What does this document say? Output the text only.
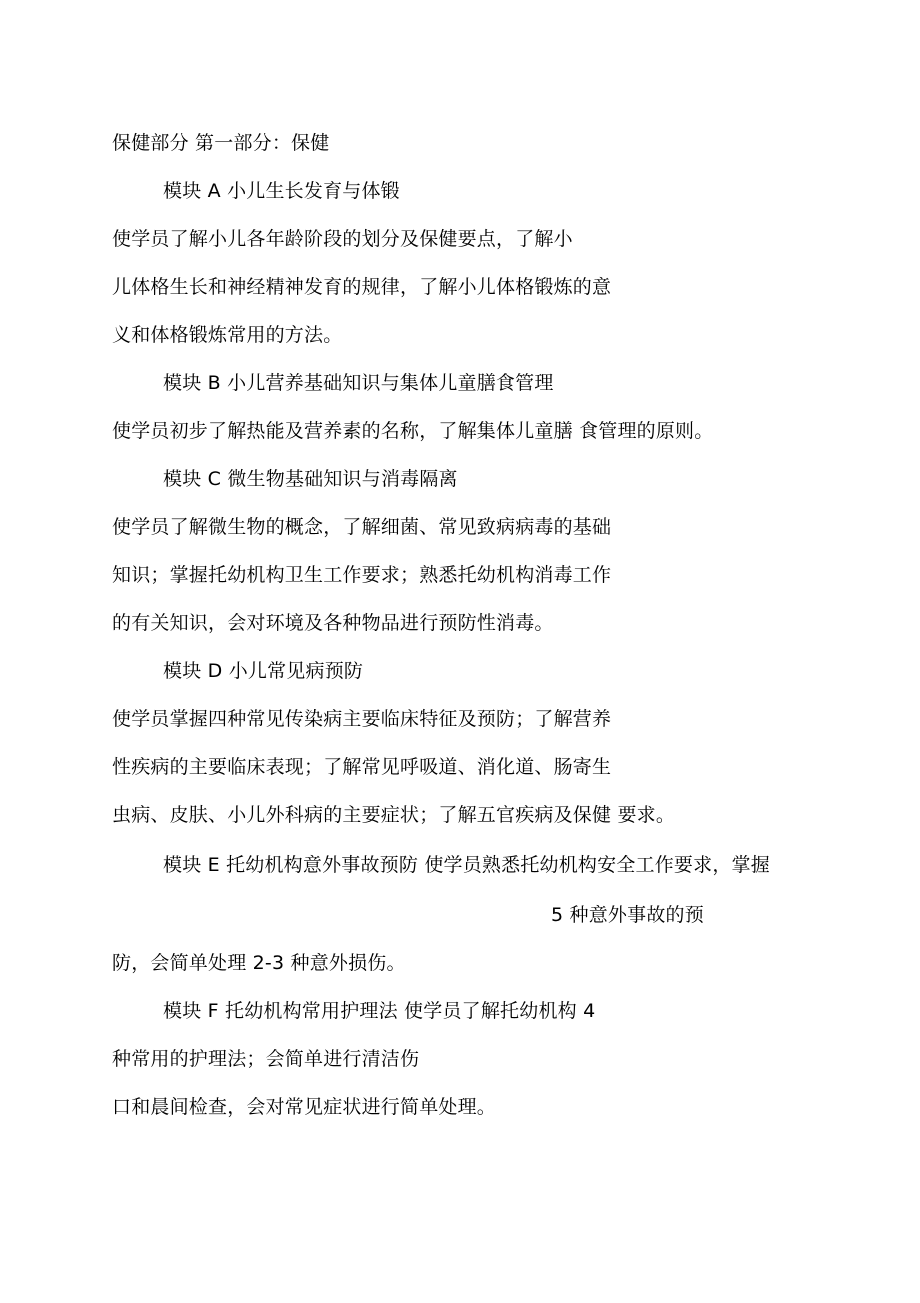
保健部分 第一部分：保健
模块 A 小儿生长发育与体锻
使学员了解小儿各年龄阶段的划分及保健要点，了解小
儿体格生长和神经精神发育的规律，了解小儿体格锻炼的意
义和体格锻炼常用的方法。
模块 B 小儿营养基础知识与集体儿童膳食管理
使学员初步了解热能及营养素的名称，了解集体儿童膳 食管理的原则。
模块 C 微生物基础知识与消毒隔离
使学员了解微生物的概念，了解细菌、常见致病病毒的基础
知识；掌握托幼机构卫生工作要求；熟悉托幼机构消毒工作
的有关知识，会对环境及各种物品进行预防性消毒。
模块 D 小儿常见病预防
使学员掌握四种常见传染病主要临床特征及预防；了解营养
性疾病的主要临床表现；了解常见呼吸道、消化道、肠寄生
虫病、皮肤、小儿外科病的主要症状；了解五官疾病及保健 要求。
模块 E 托幼机构意外事故预防 使学员熟悉托幼机构安全工作要求，掌握
5 种意外事故的预
防，会简单处理 2-3 种意外损伤。
模块 F 托幼机构常用护理法 使学员了解托幼机构 4
种常用的护理法；会简单进行清洁伤
口和晨间检查，会对常见症状进行简单处理。
